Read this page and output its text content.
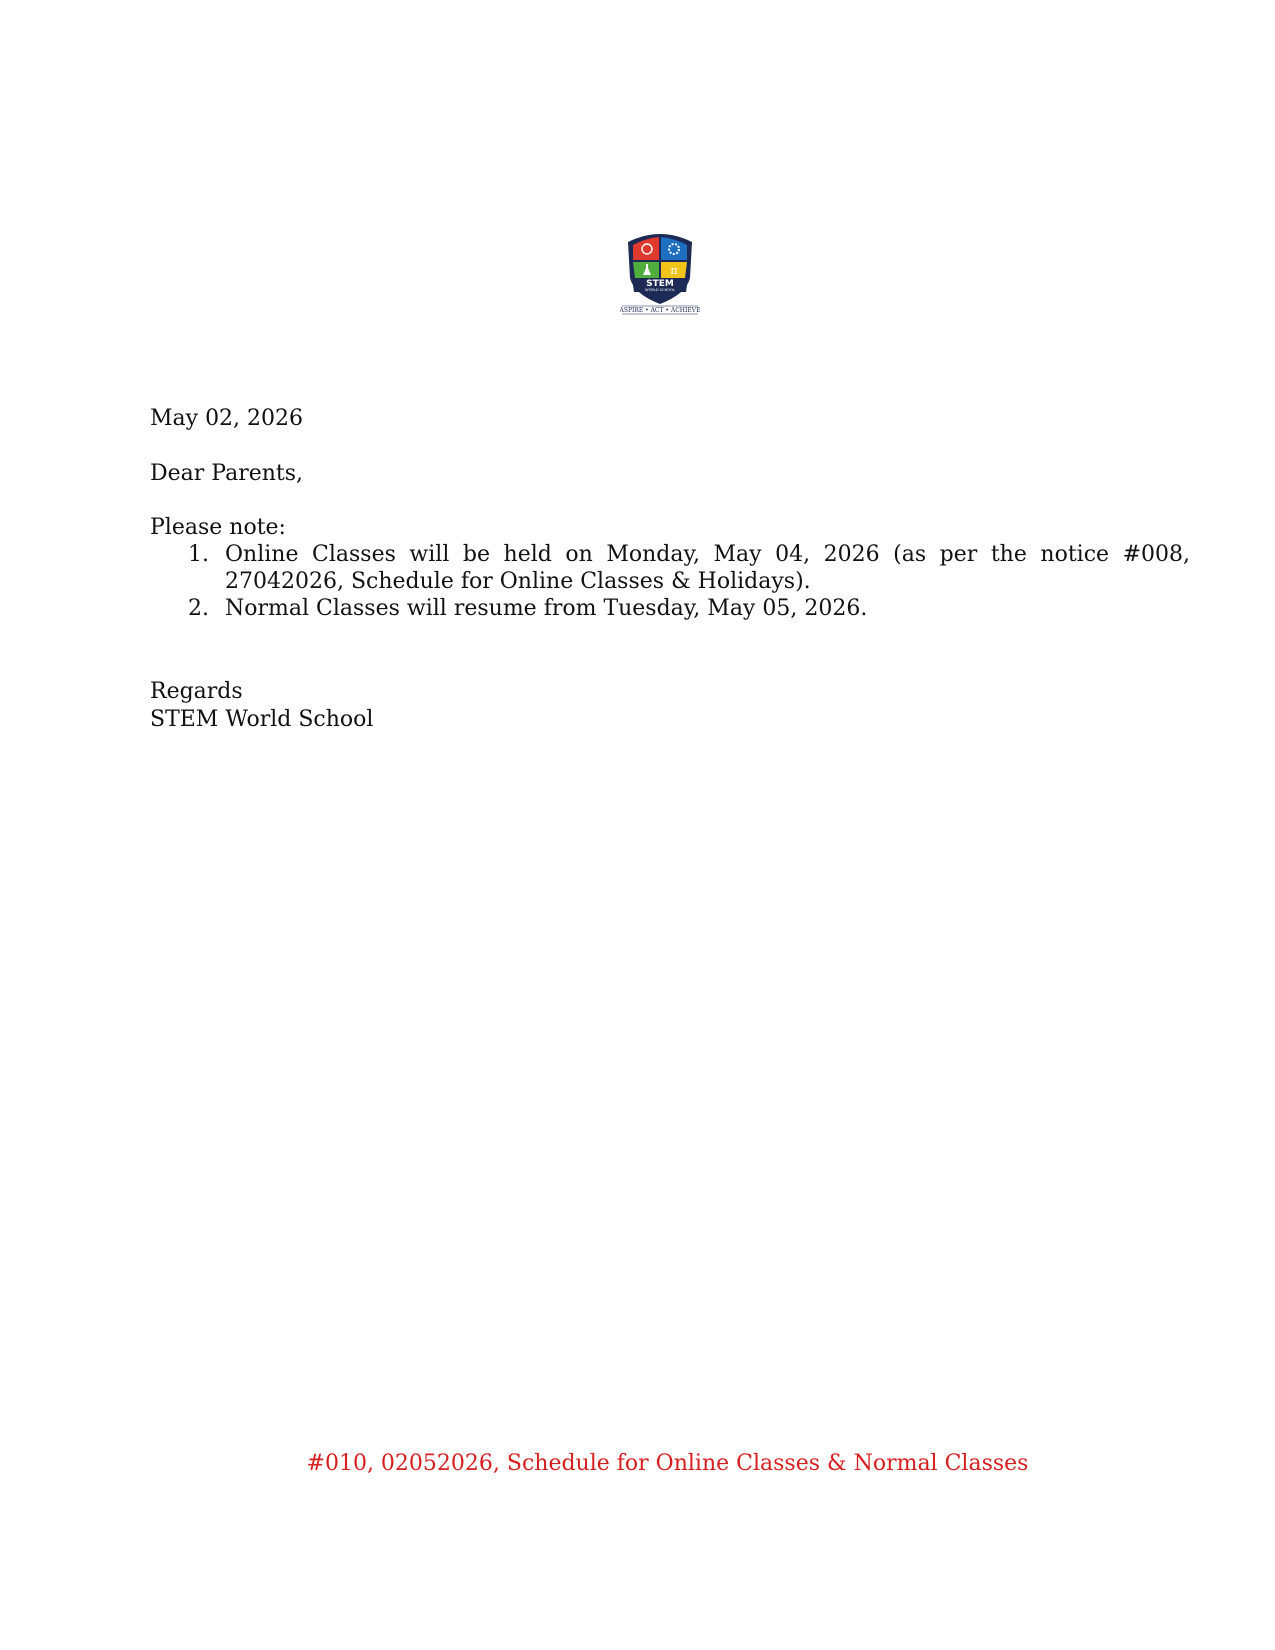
π
STEM
WORLD SCHOOL
ASPIRE • ACT • ACHIEVE
May 02, 2026
Dear Parents,
Please note:
1. Online Classes will be held on Monday, May 04, 2026 (as per the notice #008, 27042026, Schedule for Online Classes & Holidays).
2. Normal Classes will resume from Tuesday, May 05, 2026.
Regards
STEM World School
#010, 02052026, Schedule for Online Classes & Normal Classes
